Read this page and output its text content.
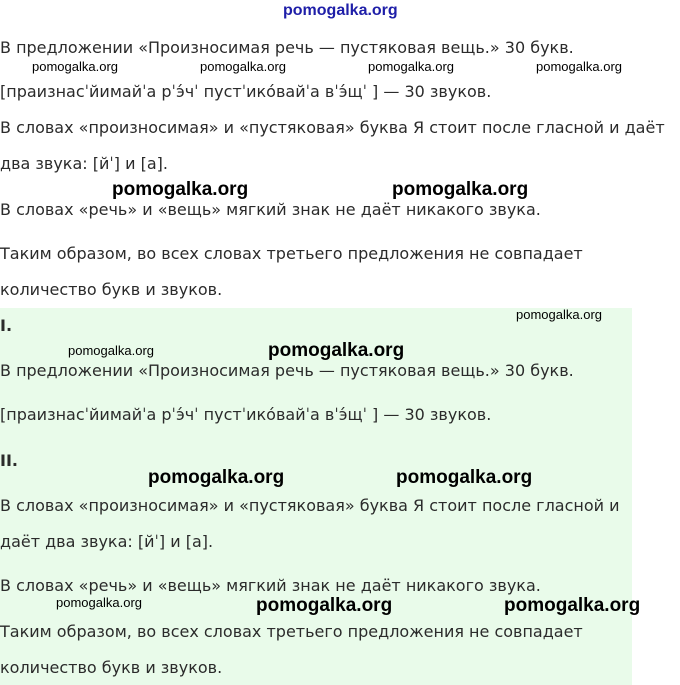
pomogalka.org
В предложении «Произносимая речь — пустяковая вещь.» 30 букв.
[праизнасˈйимайˈа рˈэ́чˈ пустˈико́вайˈа вˈэ́щˈ ] — 30 звуков.
В словах «произносимая» и «пустяковая» буква Я стоит после гласной и даёт
два звука: [йˈ] и [а].
В словах «речь» и «вещь» мягкий знак не даёт никакого звука.
Таким образом, во всех словах третьего предложения не совпадает
количество букв и звуков.
I.
В предложении «Произносимая речь — пустяковая вещь.» 30 букв.
[праизнасˈйимайˈа рˈэ́чˈ пустˈико́вайˈа вˈэ́щˈ ] — 30 звуков.
II.
В словах «произносимая» и «пустяковая» буква Я стоит после гласной и
даёт два звука: [йˈ] и [а].
В словах «речь» и «вещь» мягкий знак не даёт никакого звука.
Таким образом, во всех словах третьего предложения не совпадает
количество букв и звуков.
pomogalka.org	pomogalka.org	pomogalka.org	pomogalka.org
pomogalka.org	pomogalka.org
pomogalka.org
pomogalka.org	pomogalka.org
pomogalka.org	pomogalka.org
pomogalka.org	pomogalka.org	pomogalka.org
